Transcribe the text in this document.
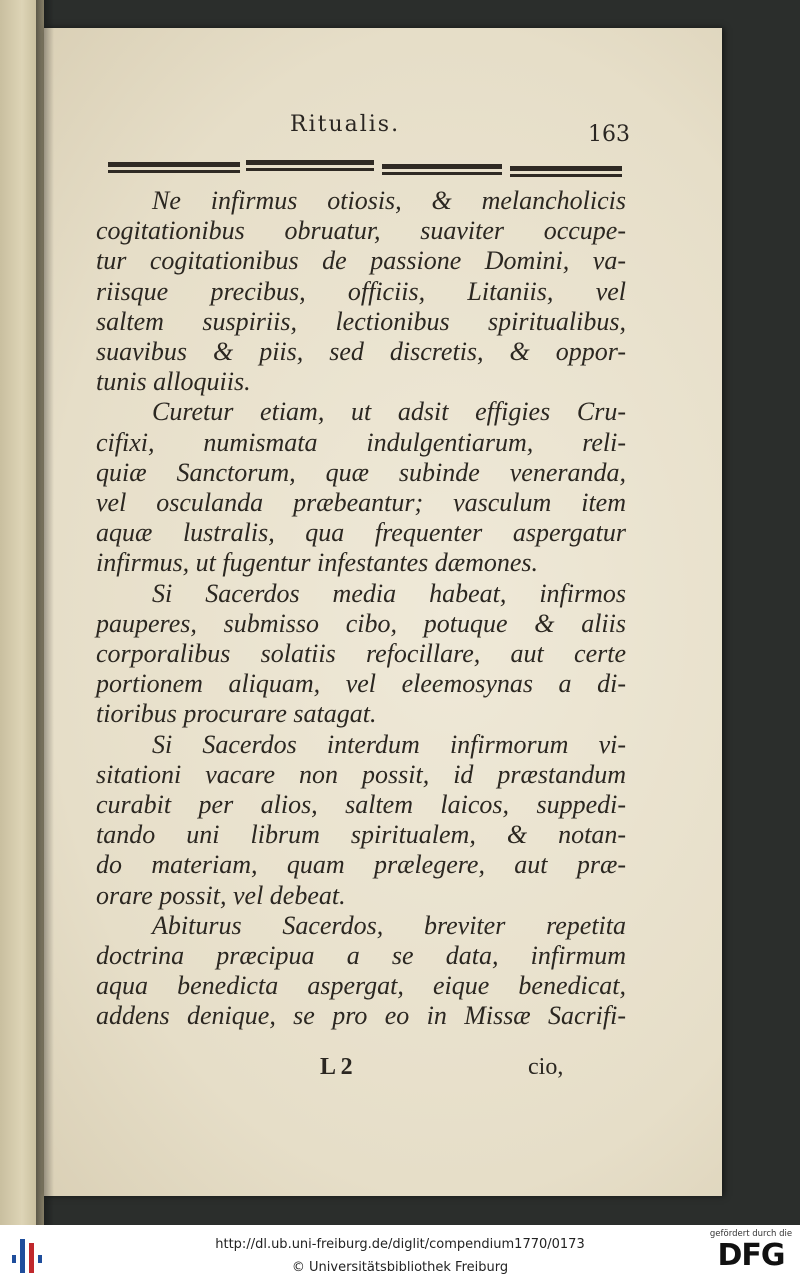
Ritualis.	163
Ne infirmus otiosis, & melancholicis
cogitationibus obruatur, suaviter occupe-
tur cogitationibus de passione Domini, va-
riisque precibus, officiis, Litaniis, vel
saltem suspiriis, lectionibus spiritualibus,
suavibus & piis, sed discretis, & oppor-
tunis alloquiis.
Curetur etiam, ut adsit effigies Cru-
cifixi, numismata indulgentiarum, reli-
quiæ Sanctorum, quæ subinde veneranda,
vel osculanda præbeantur; vasculum item
aquæ lustralis, qua frequenter aspergatur
infirmus, ut fugentur infestantes dæmones.
Si Sacerdos media habeat, infirmos
pauperes, submisso cibo, potuque & aliis
corporalibus solatiis refocillare, aut certe
portionem aliquam, vel eleemosynas a di-
tioribus procurare satagat.
Si Sacerdos interdum infirmorum vi-
sitationi vacare non possit, id præstandum
curabit per alios, saltem laicos, suppedi-
tando uni librum spiritualem, & notan-
do materiam, quam prælegere, aut præ-
orare possit, vel debeat.
Abiturus Sacerdos, breviter repetita
doctrina præcipua a se data, infirmum
aqua benedicta aspergat, eique benedicat,
addens denique, se pro eo in Missæ Sacrifi-
L 2	cio,
http://dl.ub.uni-freiburg.de/diglit/compendium1770/0173
© Universitätsbibliothek Freiburg
gefördert durch die
DFG
